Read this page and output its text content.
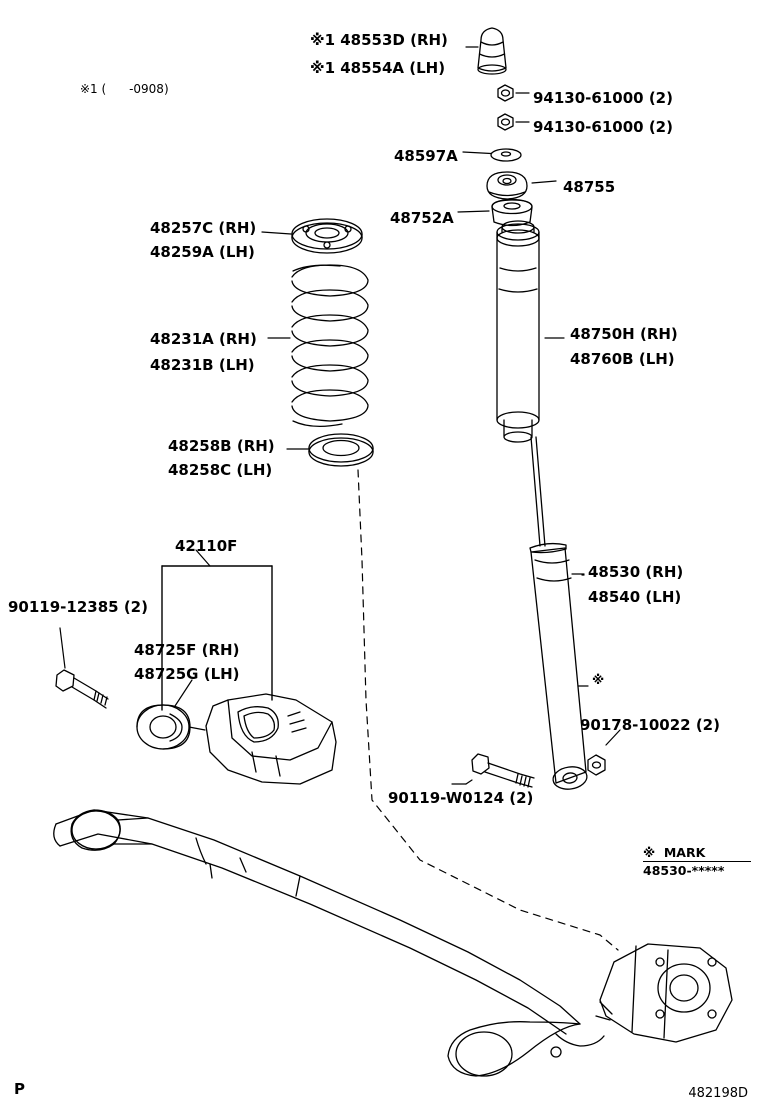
※1 (      -0908)
※1 48553D (RH)
※1 48554A (LH)
94130-61000 (2)
94130-61000 (2)
48597A
48755
48752A
48257C (RH)
48259A (LH)
48231A (RH)
48231B (LH)
48750H (RH)
48760B (LH)
48258B (RH)
48258C (LH)
48530 (RH)
48540 (LH)
42110F
90119-12385 (2)
48725F (RH)
48725G (LH)
90178-10022 (2)
90119-W0124 (2)
※
※  MARK
48530-*****
P	482198D
